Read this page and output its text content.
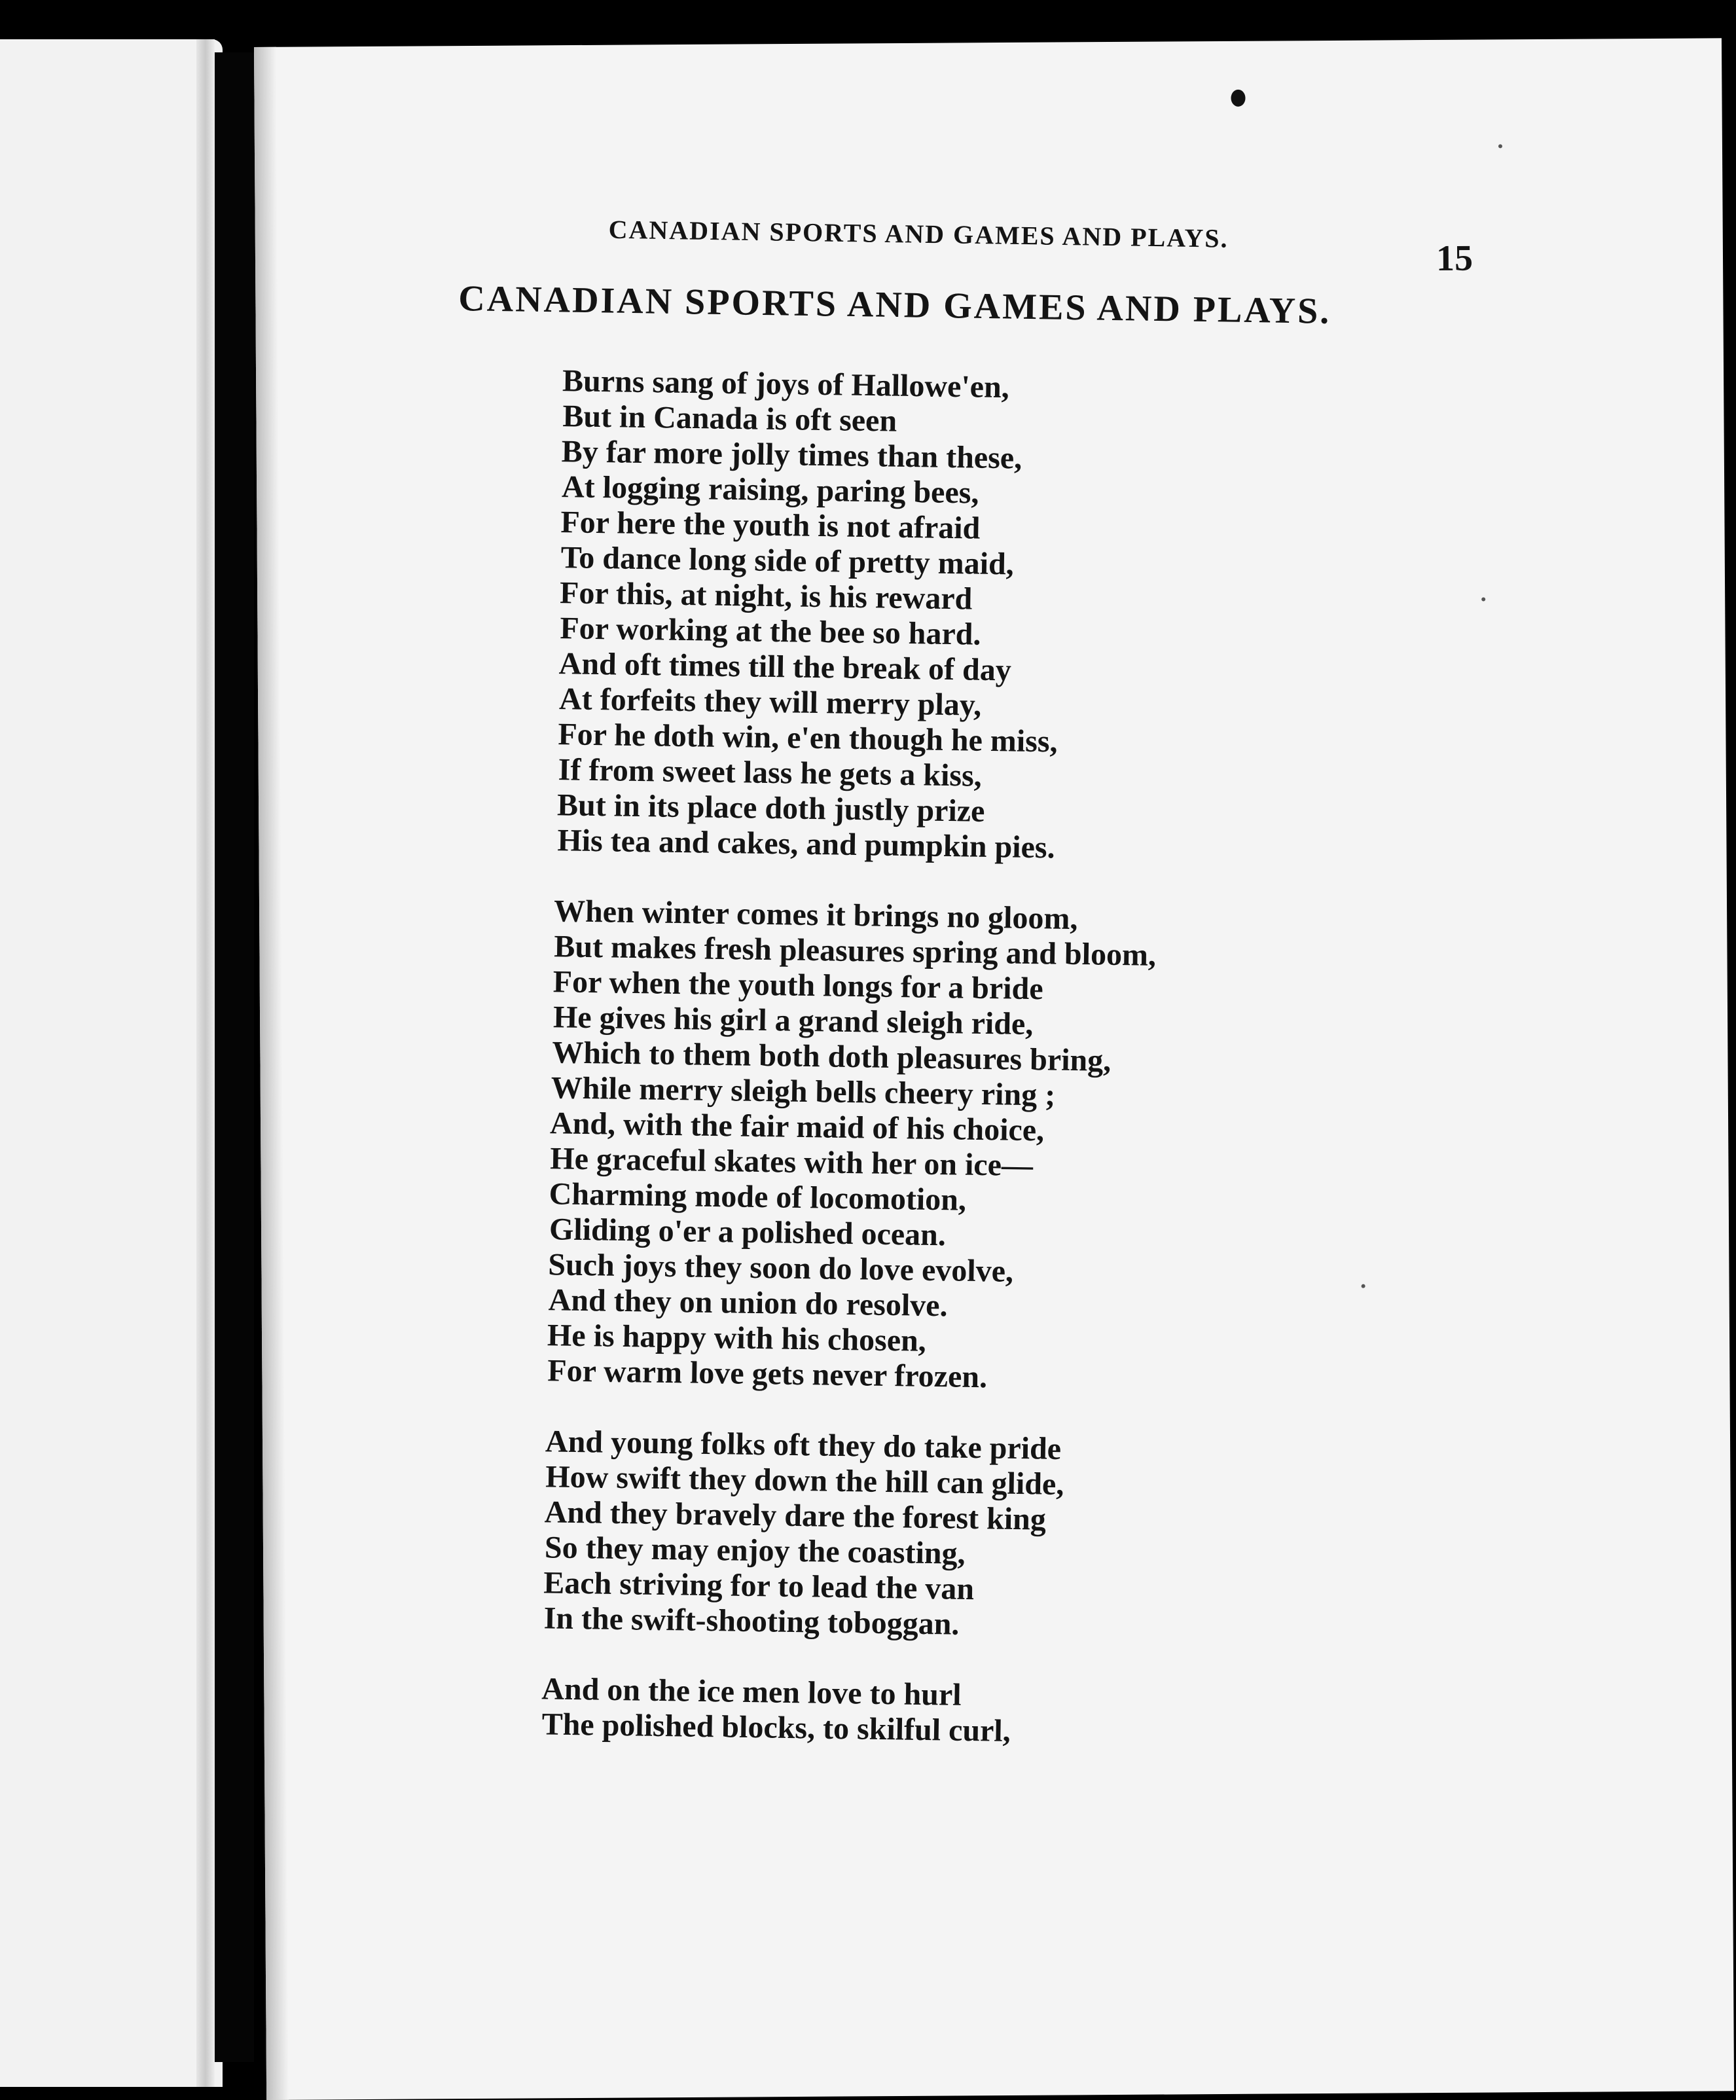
CANADIAN SPORTS AND GAMES AND PLAYS.
15
CANADIAN SPORTS AND GAMES AND PLAYS.
Burns sang of joys of Hallowe'en,
But in Canada is oft seen
By far more jolly times than these,
At logging raising, paring bees,
For here the youth is not afraid
To dance long side of pretty maid,
For this, at night, is his reward
For working at the bee so hard.
And oft times till the break of day
At forfeits they will merry play,
For he doth win, e'en though he miss,
If from sweet lass he gets a kiss,
But in its place doth justly prize
His tea and cakes, and pumpkin pies.
When winter comes it brings no gloom,
But makes fresh pleasures spring and bloom,
For when the youth longs for a bride
He gives his girl a grand sleigh ride,
Which to them both doth pleasures bring,
While merry sleigh bells cheery ring ;
And, with the fair maid of his choice,
He graceful skates with her on ice—
Charming mode of locomotion,
Gliding o'er a polished ocean.
Such joys they soon do love evolve,
And they on union do resolve.
He is happy with his chosen,
For warm love gets never frozen.
And young folks oft they do take pride
How swift they down the hill can glide,
And they bravely dare the forest king
So they may enjoy the coasting,
Each striving for to lead the van
In the swift-shooting toboggan.
And on the ice men love to hurl
The polished blocks, to skilful curl,
